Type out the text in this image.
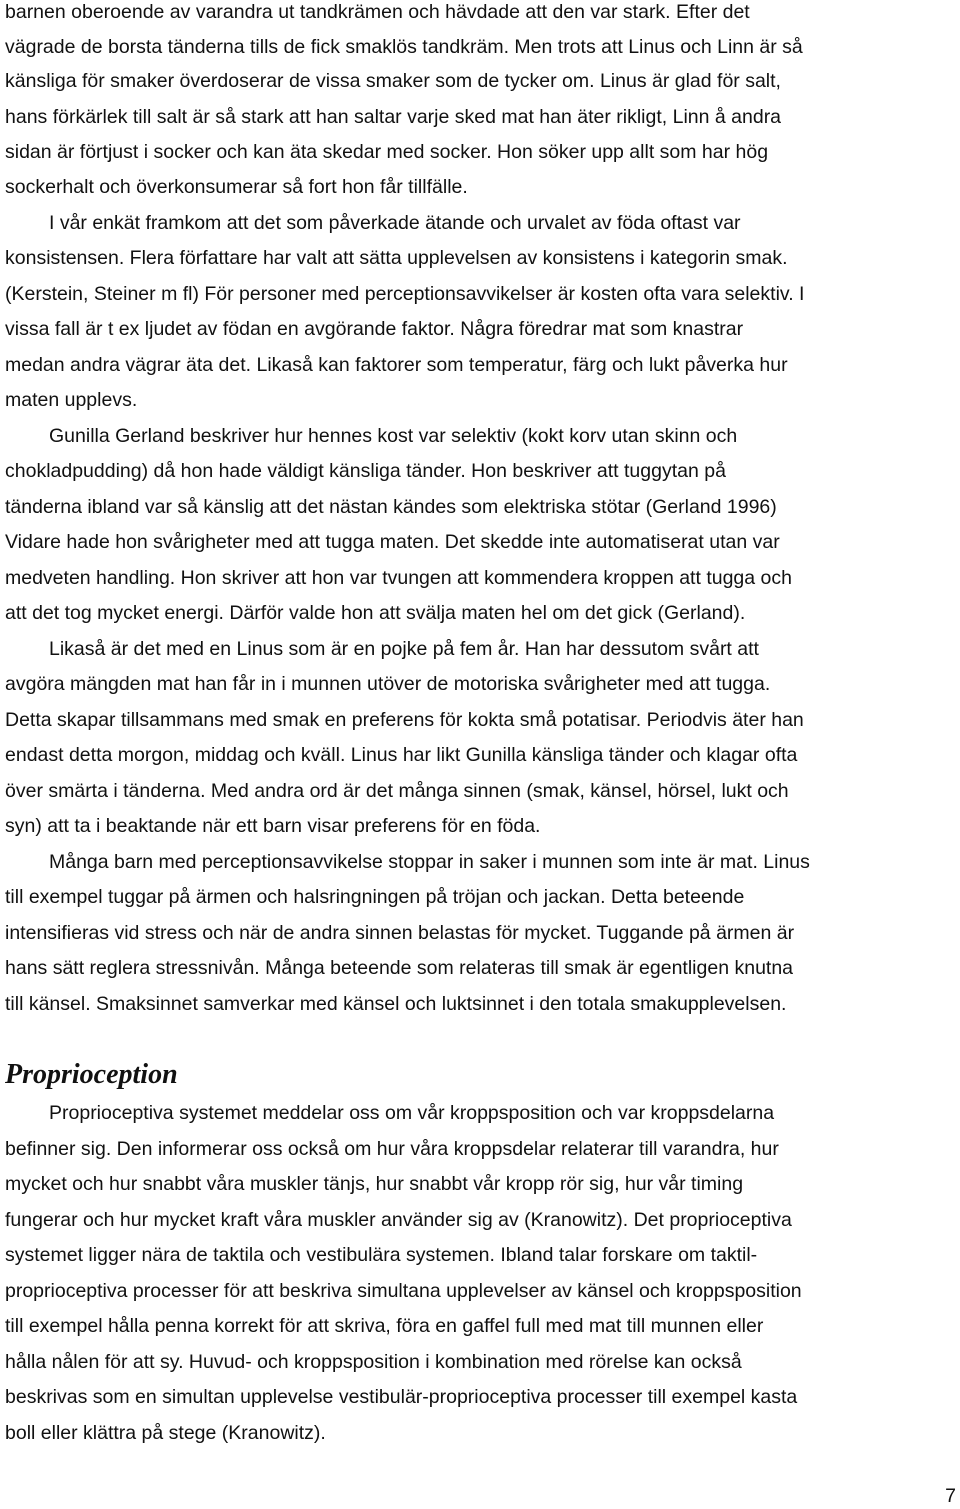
barnen oberoende av varandra ut tandkrämen och hävdade att den var stark. Efter det
vägrade de borsta tänderna tills de fick smaklös tandkräm. Men trots att Linus och Linn är så
känsliga för smaker överdoserar de vissa smaker som de tycker om. Linus är glad för salt,
hans förkärlek till salt är så stark att han saltar varje sked mat han äter rikligt, Linn å andra
sidan är förtjust i socker och kan äta skedar med socker. Hon söker upp allt som har hög
sockerhalt och överkonsumerar så fort hon får tillfälle.
I vår enkät framkom att det som påverkade ätande och urvalet av föda oftast var
konsistensen. Flera författare har valt att sätta upplevelsen av konsistens i kategorin smak.
(Kerstein, Steiner m fl) För personer med perceptionsavvikelser är kosten ofta vara selektiv. I
vissa fall är t ex ljudet av födan en avgörande faktor. Några föredrar mat som knastrar
medan andra vägrar äta det. Likaså kan faktorer som temperatur, färg och lukt påverka hur
maten upplevs.
Gunilla Gerland beskriver hur hennes kost var selektiv (kokt korv utan skinn och
chokladpudding) då hon hade väldigt känsliga tänder. Hon beskriver att tuggytan på
tänderna ibland var så känslig att det nästan kändes som elektriska stötar (Gerland 1996)
Vidare hade hon svårigheter med att tugga maten. Det skedde inte automatiserat utan var
medveten handling. Hon skriver att hon var tvungen att kommendera kroppen att tugga och
att det tog mycket energi. Därför valde hon att svälja maten hel om det gick (Gerland).
Likaså är det med en Linus som är en pojke på fem år. Han har dessutom svårt att
avgöra mängden mat han får in i munnen utöver de motoriska svårigheter med att tugga.
Detta skapar tillsammans med smak en preferens för kokta små potatisar. Periodvis äter han
endast detta morgon, middag och kväll. Linus har likt Gunilla känsliga tänder och klagar ofta
över smärta i tänderna. Med andra ord är det många sinnen (smak, känsel, hörsel, lukt och
syn) att ta i beaktande när ett barn visar preferens för en föda.
Många barn med perceptionsavvikelse stoppar in saker i munnen som inte är mat. Linus
till exempel tuggar på ärmen och halsringningen på tröjan och jackan. Detta beteende
intensifieras vid stress och när de andra sinnen belastas för mycket. Tuggande på ärmen är
hans sätt reglera stressnivån. Många beteende som relateras till smak är egentligen knutna
till känsel. Smaksinnet samverkar med känsel och luktsinnet i den totala smakupplevelsen.
Proprioception
Proprioceptiva systemet meddelar oss om vår kroppsposition och var kroppsdelarna
befinner sig. Den informerar oss också om hur våra kroppsdelar relaterar till varandra, hur
mycket och hur snabbt våra muskler tänjs, hur snabbt vår kropp rör sig, hur vår timing
fungerar och hur mycket kraft våra muskler använder sig av (Kranowitz). Det proprioceptiva
systemet ligger nära de taktila och vestibulära systemen. Ibland talar forskare om taktil-
proprioceptiva processer för att beskriva simultana upplevelser av känsel och kroppsposition
till exempel hålla penna korrekt för att skriva, föra en gaffel full med mat till munnen eller
hålla nålen för att sy. Huvud- och kroppsposition i kombination med rörelse kan också
beskrivas som en simultan upplevelse vestibulär-proprioceptiva processer till exempel kasta
boll eller klättra på stege (Kranowitz).
7
